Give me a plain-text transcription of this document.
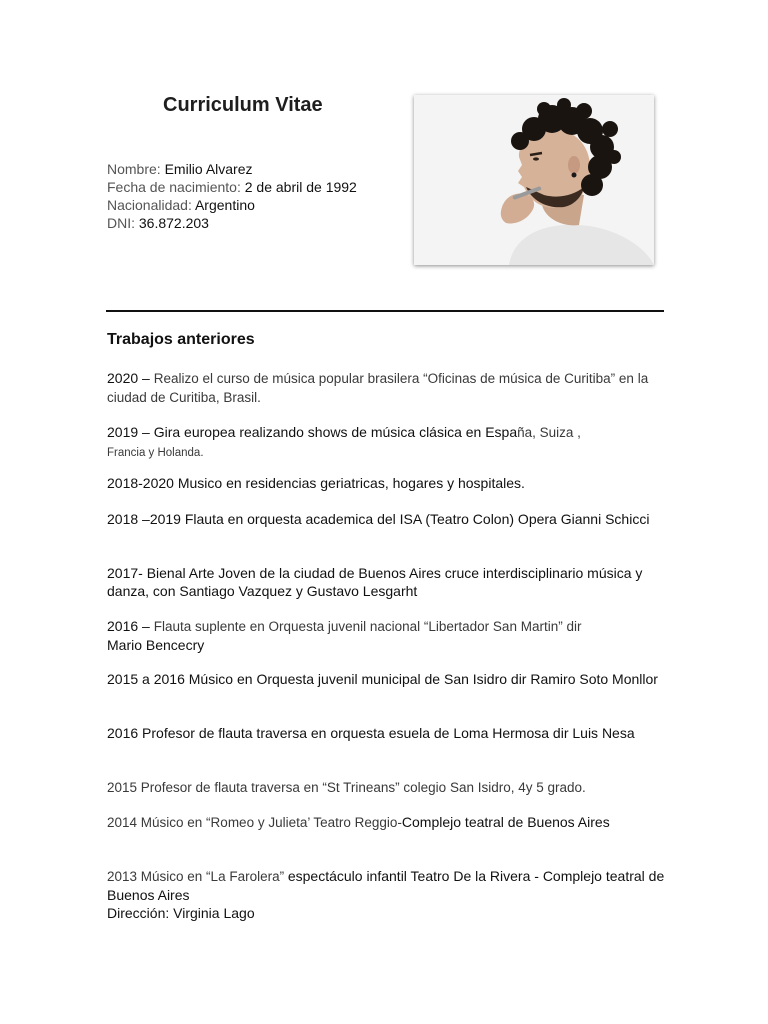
Curriculum Vitae
Nombre: Emilio Alvarez
Fecha de nacimiento: 2 de abril de 1992
Nacionalidad: Argentino
DNI: 36.872.203
Trabajos anteriores
2020 – Realizo el curso de música popular brasilera “Oficinas de música de Curitiba” en la ciudad de Curitiba, Brasil.
2019 – Gira europea realizando shows de música clásica en España, Suiza ,
Francia y Holanda.
2018-2020 Musico en residencias geriatricas, hogares y hospitales.
2018 –2019 Flauta en orquesta academica del ISA (Teatro Colon) Opera Gianni Schicci
2017- Bienal Arte Joven de la ciudad de Buenos Aires cruce interdisciplinario música y danza, con Santiago Vazquez y Gustavo Lesgarht
2016 – Flauta suplente en Orquesta juvenil nacional “Libertador San Martin” dir
Mario Bencecry
2015 a 2016 Músico en Orquesta juvenil municipal de San Isidro dir Ramiro Soto Monllor
2016 Profesor de flauta traversa en orquesta esuela de Loma Hermosa dir Luis Nesa
2015 Profesor de flauta traversa en “St Trineans” colegio San Isidro, 4y 5 grado.
2014 Músico en “Romeo y Julieta’ Teatro Reggio-Complejo teatral de Buenos Aires
2013 Músico en “La Farolera” espectáculo infantil Teatro De la Rivera - Complejo teatral de Buenos Aires
Dirección: Virginia Lago
